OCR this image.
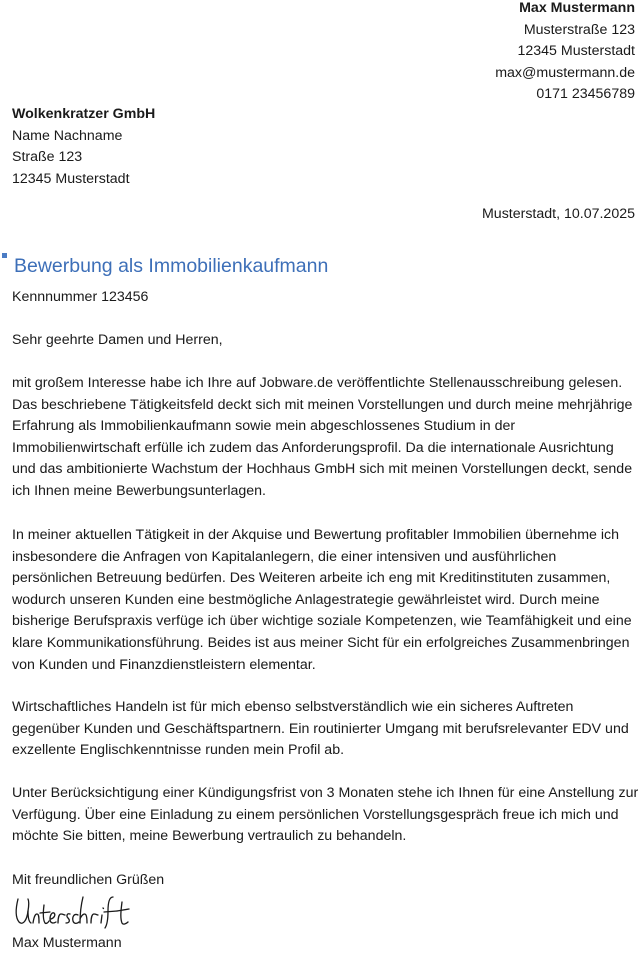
Max Mustermann
Musterstraße 123
12345 Musterstadt
max@mustermann.de
0171 23456789
Wolkenkratzer GmbH
Name Nachname
Straße 123
12345 Musterstadt
Musterstadt, 10.07.2025
Bewerbung als Immobilienkaufmann
Kennnummer 123456
Sehr geehrte Damen und Herren,

mit großem Interesse habe ich Ihre auf Jobware.de veröffentlichte Stellenausschreibung gelesen. Das beschriebene Tätigkeitsfeld deckt sich mit meinen Vorstellungen und durch meine mehrjährige Erfahrung als Immobilienkaufmann sowie mein abgeschlossenes Studium in der Immobilienwirtschaft erfülle ich zudem das Anforderungsprofil. Da die internationale Ausrichtung und das ambitionierte Wachstum der Hochhaus GmbH sich mit meinen Vorstellungen deckt, sende ich Ihnen meine Bewerbungsunterlagen.

In meiner aktuellen Tätigkeit in der Akquise und Bewertung profitabler Immobilien übernehme ich insbesondere die Anfragen von Kapitalanlegern, die einer intensiven und ausführlichen persönlichen Betreuung bedürfen. Des Weiteren arbeite ich eng mit Kreditinstituten zusammen, wodurch unseren Kunden eine bestmögliche Anlagestrategie gewährleistet wird. Durch meine bisherige Berufspraxis verfüge ich über wichtige soziale Kompetenzen, wie Teamfähigkeit und eine klare Kommunikationsführung. Beides ist aus meiner Sicht für ein erfolgreiches Zusammenbringen von Kunden und Finanzdienstleistern elementar.

Wirtschaftliches Handeln ist für mich ebenso selbstverständlich wie ein sicheres Auftreten gegenüber Kunden und Geschäftspartnern. Ein routinierter Umgang mit berufsrelevanter EDV und exzellente Englischkenntnisse runden mein Profil ab.

Unter Berücksichtigung einer Kündigungsfrist von 3 Monaten stehe ich Ihnen für eine Anstellung zur Verfügung. Über eine Einladung zu einem persönlichen Vorstellungsgespräch freue ich mich und möchte Sie bitten, meine Bewerbung vertraulich zu behandeln.

Mit freundlichen Grüßen
Max Mustermann
